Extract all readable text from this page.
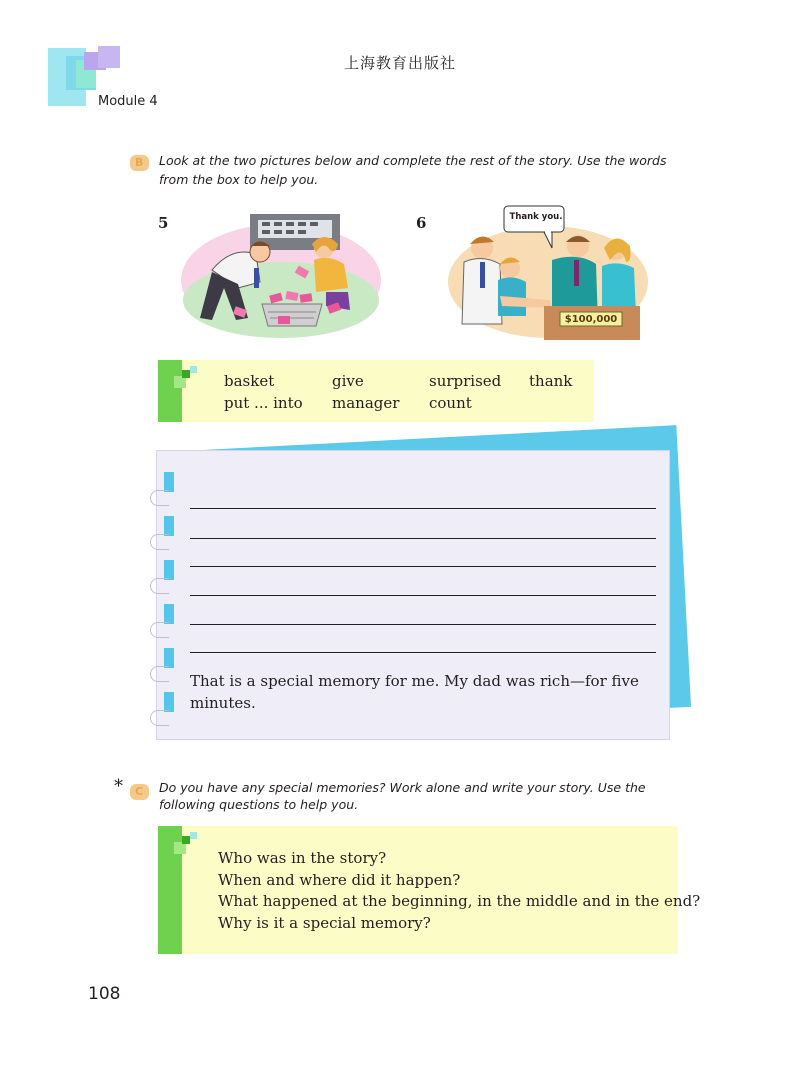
上海教育出版社
Module 4
B	Look at the two pictures below and complete the rest of the story. Use the words
from the box to help you.
5	6	Thank you.
$100,000
basket	give	surprised thank
put ... into manager count
That is a special memory for me. My dad was rich—for five
minutes.
*	C	Do you have any special memories? Work alone and write your story. Use the
following questions to help you.
Who was in the story?
When and where did it happen?
What happened at the beginning, in the middle and in the end?
Why is it a special memory?
108
